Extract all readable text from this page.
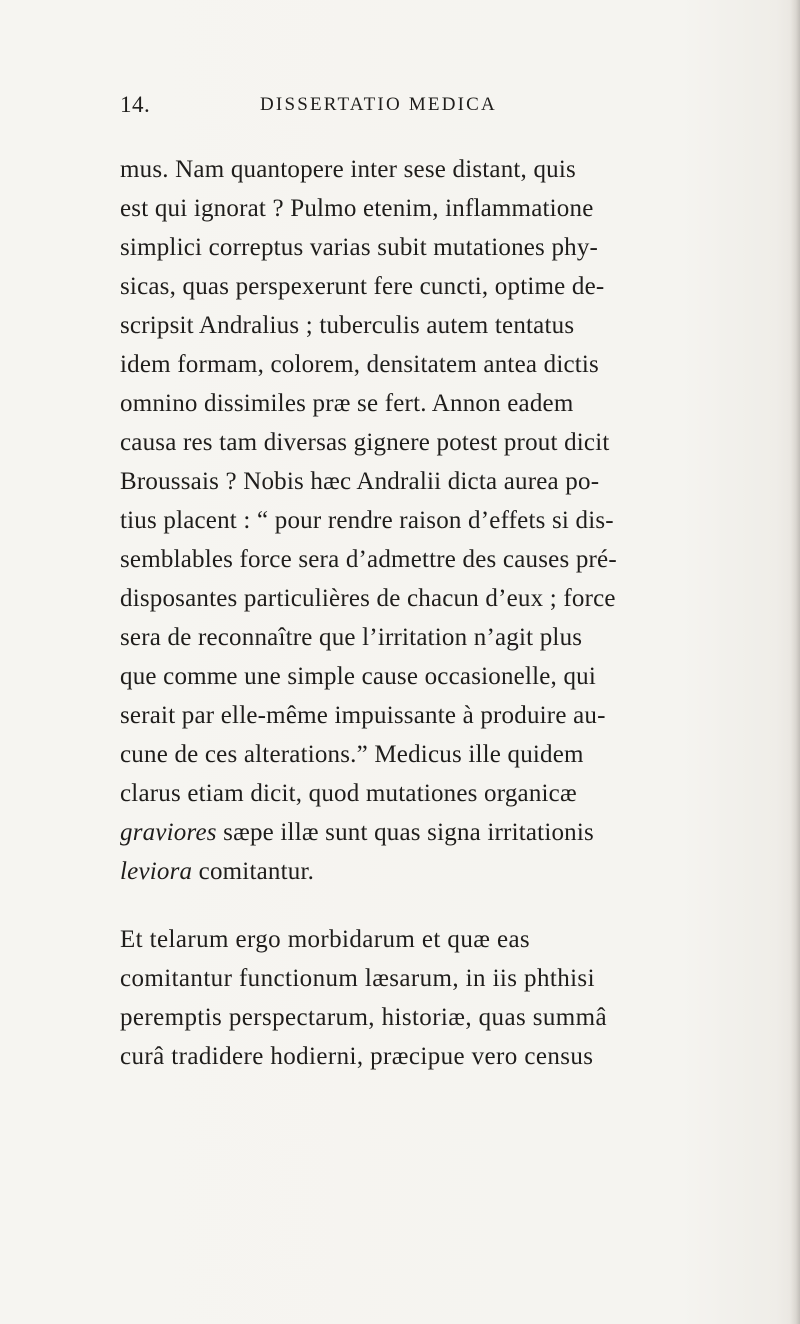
14.	DISSERTATIO MEDICA
mus. Nam quantopere inter sese distant, quis
est qui ignorat ? Pulmo etenim, inflammatione
simplici correptus varias subit mutationes phy-
sicas, quas perspexerunt fere cuncti, optime de-
scripsit Andralius ; tuberculis autem tentatus
idem formam, colorem, densitatem antea dictis
omnino dissimiles præ se fert. Annon eadem
causa res tam diversas gignere potest prout dicit
Broussais ? Nobis hæc Andralii dicta aurea po-
tius placent : “ pour rendre raison d’effets si dis-
semblables force sera d’admettre des causes pré-
disposantes particulières de chacun d’eux ; force
sera de reconnaître que l’irritation n’agit plus
que comme une simple cause occasionelle, qui
serait par elle-même impuissante à produire au-
cune de ces alterations.” Medicus ille quidem
clarus etiam dicit, quod mutationes organicæ
graviores sæpe illæ sunt quas signa irritationis
leviora comitantur.
Et telarum ergo morbidarum et quæ eas
comitantur functionum læsarum, in iis phthisi
peremptis perspectarum, historiæ, quas summâ
curâ tradidere hodierni, præcipue vero census
